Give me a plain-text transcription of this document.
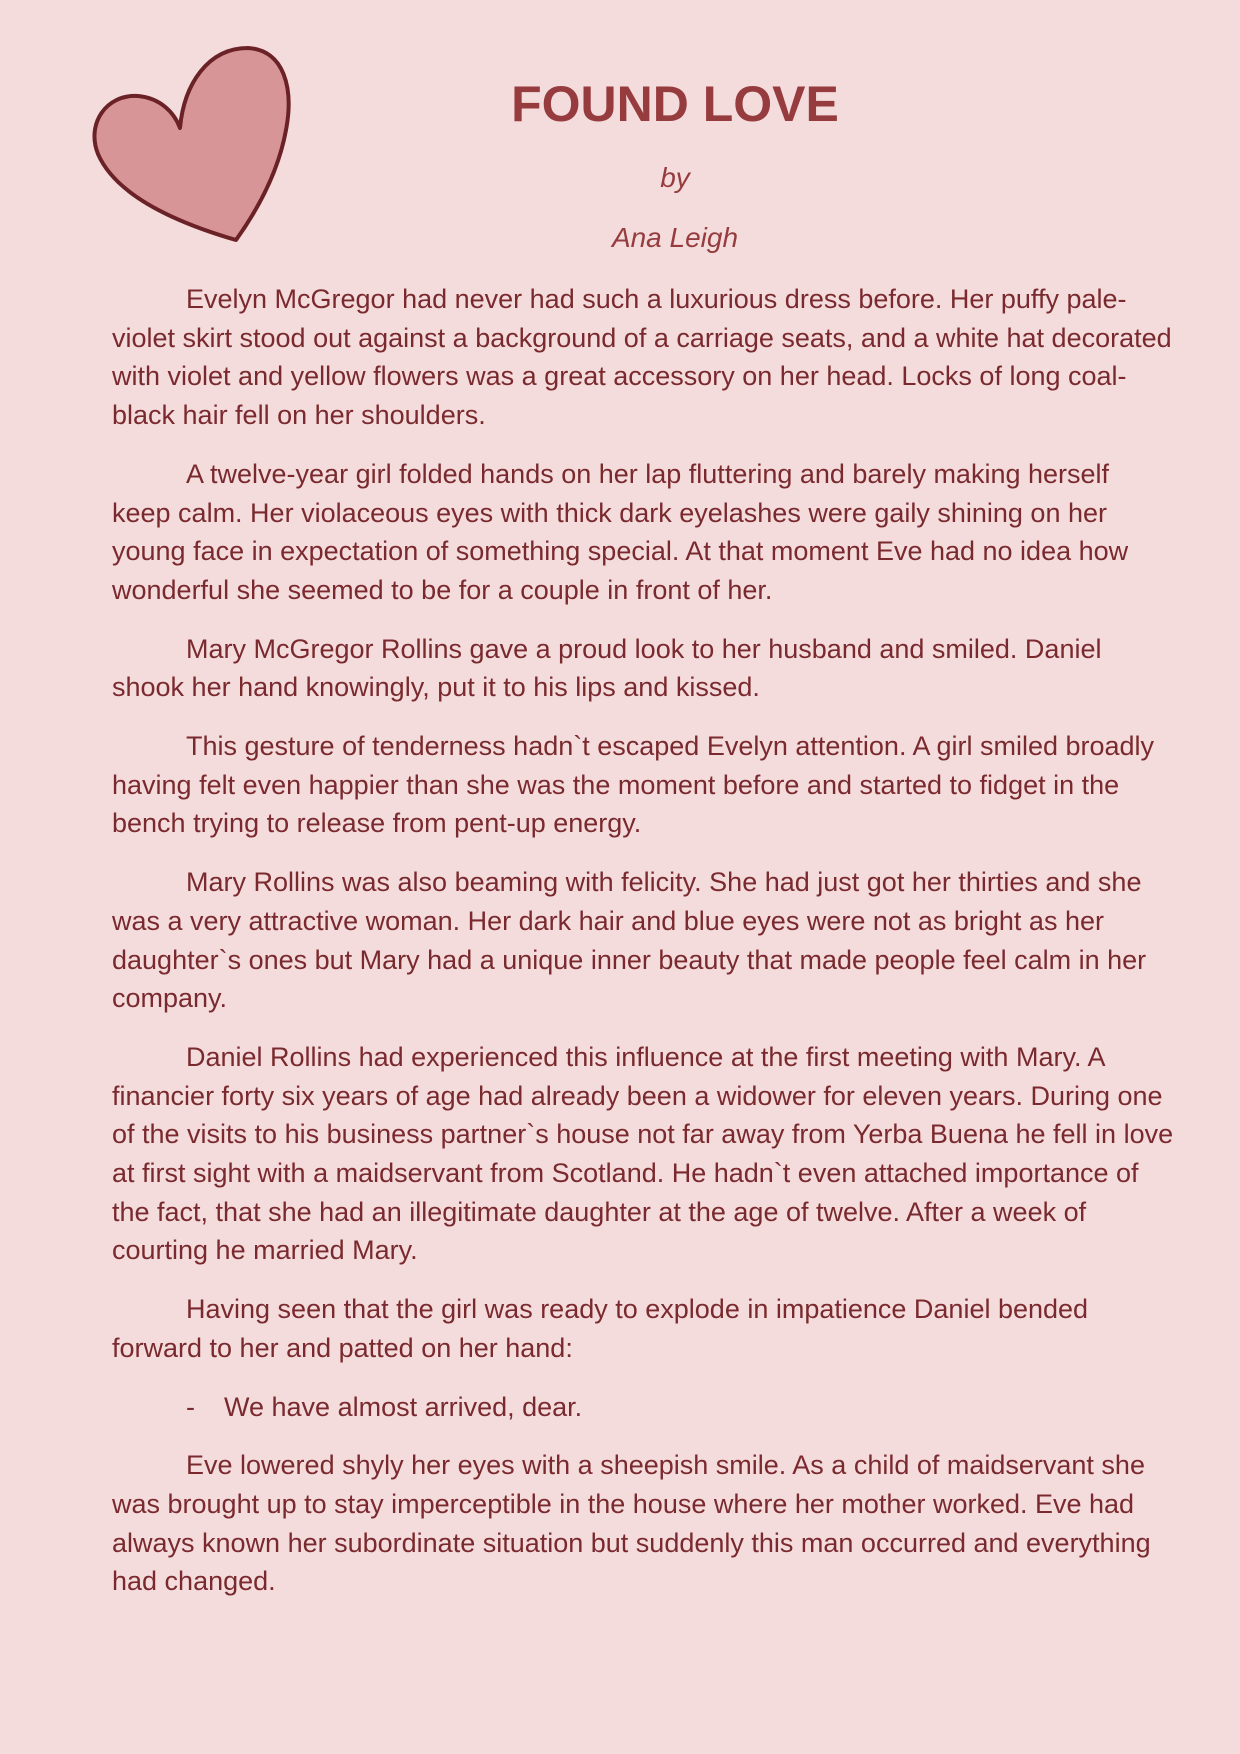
FOUND LOVE
by
Ana Leigh

Evelyn McGregor had never had such a luxurious dress before. Her puffy pale-violet skirt stood out against a background of a carriage seats, and a white hat decorated with violet and yellow flowers was a great accessory on her head. Locks of long coal-black hair fell on her shoulders.

A twelve-year girl folded hands on her lap fluttering and barely making herself keep calm. Her violaceous eyes with thick dark eyelashes were gaily shining on her young face in expectation of something special. At that moment Eve had no idea how wonderful she seemed to be for a couple in front of her.

Mary McGregor Rollins gave a proud look to her husband and smiled. Daniel shook her hand knowingly, put it to his lips and kissed.

This gesture of tenderness hadn`t escaped Evelyn attention. A girl smiled broadly having felt even happier than she was the moment before and started to fidget in the bench trying to release from pent-up energy.

Mary Rollins was also beaming with felicity. She had just got her thirties and she was a very attractive woman. Her dark hair and blue eyes were not as bright as her daughter`s ones but Mary had a unique inner beauty that made people feel calm in her company.

Daniel Rollins had experienced this influence at the first meeting with Mary. A financier forty six years of age had already been a widower for eleven years. During one of the visits to his business partner`s house not far away from Yerba Buena he fell in love at first sight with a maidservant from Scotland. He hadn`t even attached importance of the fact, that she had an illegitimate daughter at the age of twelve. After a week of courting he married Mary.

Having seen that the girl was ready to explode in impatience Daniel bended forward to her and patted on her hand:

- We have almost arrived, dear.

Eve lowered shyly her eyes with a sheepish smile. As a child of maidservant she was brought up to stay imperceptible in the house where her mother worked. Eve had always known her subordinate situation but suddenly this man occurred and everything had changed.
